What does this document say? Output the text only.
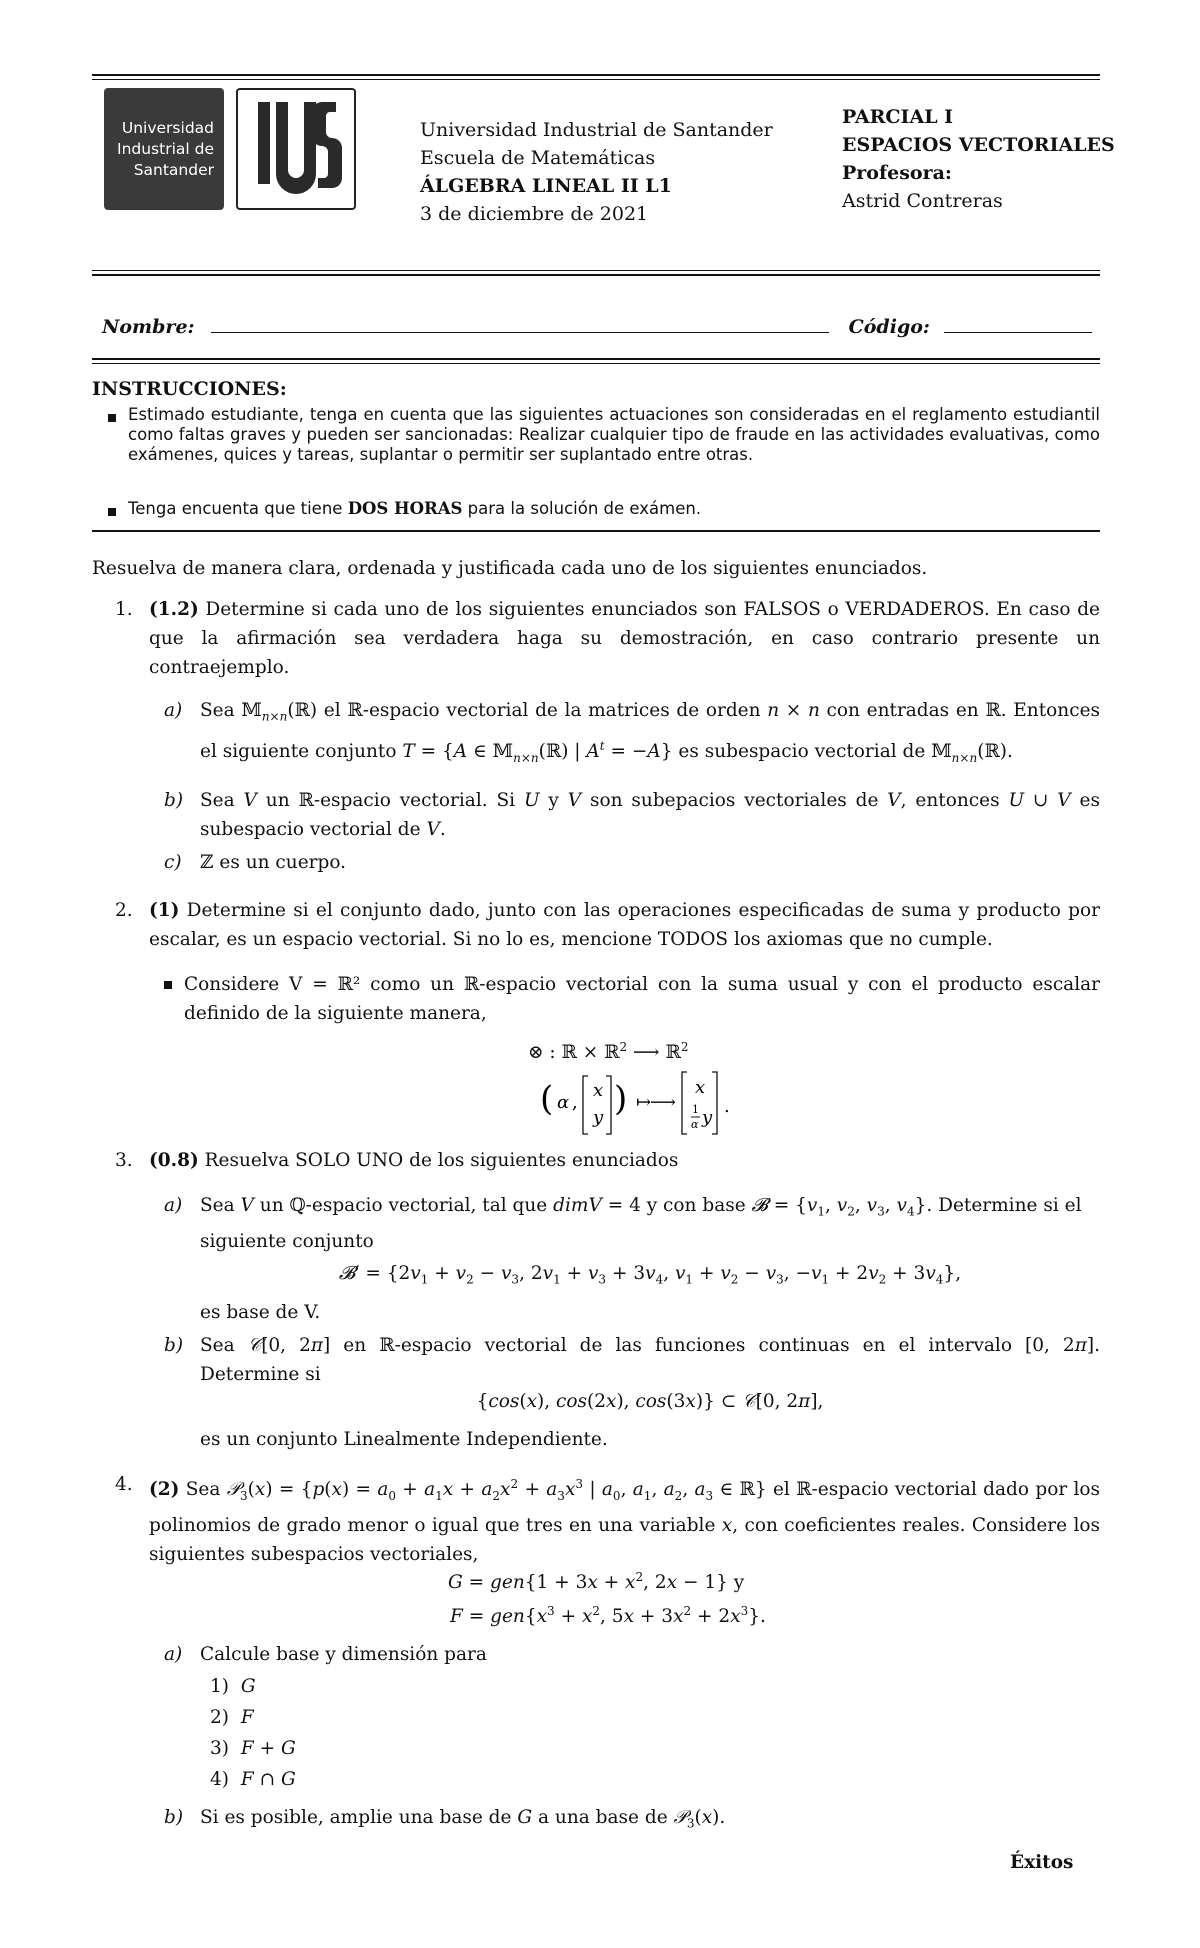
Universidad
Industrial de
Santander
Universidad Industrial de Santander
Escuela de Matemáticas
ÁLGEBRA LINEAL II L1
3 de diciembre de 2021
PARCIAL I
ESPACIOS VECTORIALES
Profesora:
Astrid Contreras
Nombre:	Código:
INSTRUCCIONES:
Estimado estudiante, tenga en cuenta que las siguientes actuaciones son consideradas en el reglamento estudiantil como faltas graves y pueden ser sancionadas: Realizar cualquier tipo de fraude en las actividades evaluativas, como exámenes, quices y tareas, suplantar o permitir ser suplantado entre otras.
Tenga encuenta que tiene DOS HORAS para la solución de exámen.
Resuelva de manera clara, ordenada y justificada cada uno de los siguientes enunciados.
1. (1.2) Determine si cada uno de los siguientes enunciados son FALSOS o VERDADEROS. En caso de que la afirmación sea verdadera haga su demostración, en caso contrario presente un contraejemplo.
a) Sea 𝕄$_{n\times n}$(ℝ) el ℝ-espacio vectorial de la matrices de orden n × n con entradas en ℝ. Entonces el siguiente conjunto T = {A ∈ 𝕄$_{n\times n}$(ℝ) | $A^t = -A$} es subespacio vectorial de 𝕄$_{n\times n}$(ℝ).
b) Sea V un ℝ-espacio vectorial. Si U y V son subepacios vectoriales de V, entonces U ∪ V es subespacio vectorial de V.
c) ℤ es un cuerpo.
2. (1) Determine si el conjunto dado, junto con las operaciones especificadas de suma y producto por escalar, es un espacio vectorial. Si no lo es, mencione TODOS los axiomas que no cumple.
Considere V = ℝ² como un ℝ-espacio vectorial con la suma usual y con el producto escalar definido de la siguiente manera,
⊗ : ℝ × ℝ$^2$ ⟶ ℝ$^2$
( α ,
x
y ) ↦
⟶
x
1
α y
.
3. (0.8) Resuelva SOLO UNO de los siguientes enunciados
a) Sea V un ℚ-espacio vectorial, tal que dimV = 4 y con base 𝓑 = {$v_1$, $v_2$, $v_3$, $v_4$}. Determine si el siguiente conjunto
𝓑′ = {$2v_1 + v_2 - v_3$, $2v_1 + v_3 + 3v_4$, $v_1 + v_2 - v_3$, $-v_1 + 2v_2 + 3v_4$},
es base de V.
b) Sea 𝒞[0, 2π] en ℝ-espacio vectorial de las funciones continuas en el intervalo [0, 2π]. Determine si
{cos(x), cos(2x), cos(3x)} ⊂ 𝒞[0, 2π],
es un conjunto Linealmente Independiente.
4. (2) Sea 𝒫$_3$(x) = {$p(x) = a_0 + a_1x + a_2x^2 + a_3x^3$ | $a_0$, $a_1$, $a_2$, $a_3$ ∈ ℝ} el ℝ-espacio vectorial dado por los polinomios de grado menor o igual que tres en una variable x, con coeficientes reales. Considere los siguientes subespacios vectoriales,
$G = gen\{1 + 3x + x^2$, 2x − 1} y
$F = gen\{x^3 + x^2$, $5x + 3x^2 + 2x^3$}.
a) Calcule base y dimensión para
1) G
2) F
3) F + G
4) F ∩ G
b) Si es posible, amplie una base de G a una base de 𝒫$_3$(x).
Éxitos
